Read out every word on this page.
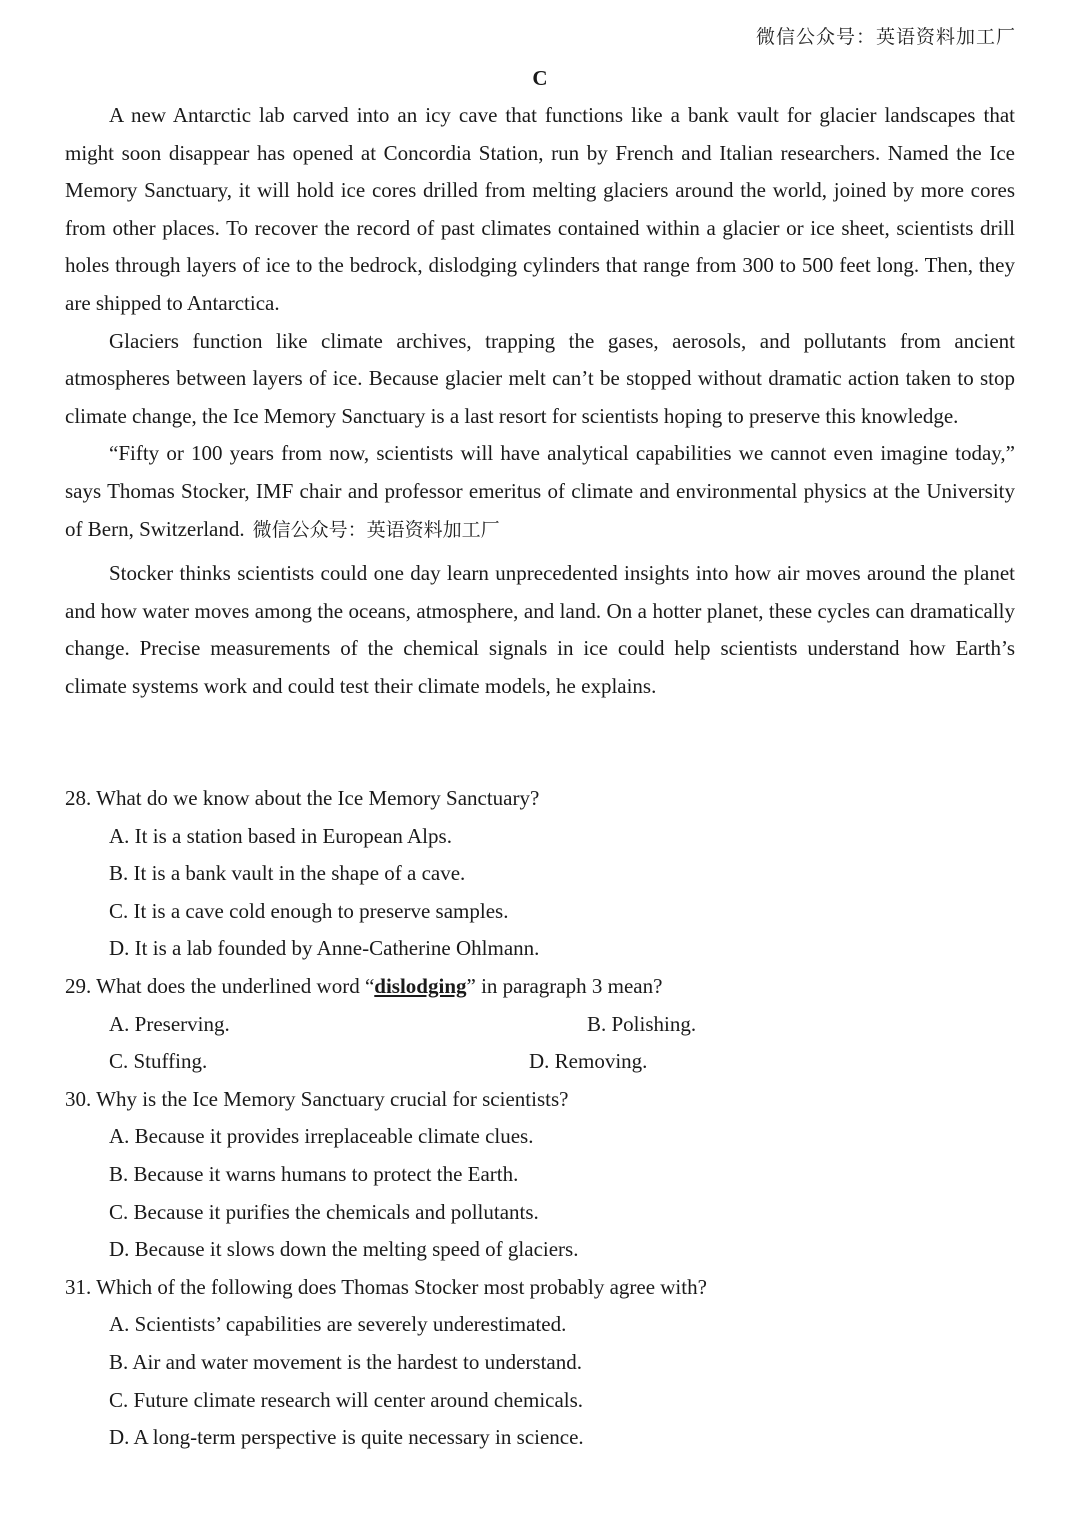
微信公众号：英语资料加工厂
C

A new Antarctic lab carved into an icy cave that functions like a bank vault for glacier landscapes that might soon disappear has opened at Concordia Station, run by French and Italian researchers. Named the Ice Memory Sanctuary, it will hold ice cores drilled from melting glaciers around the world, joined by more cores from other places. To recover the record of past climates contained within a glacier or ice sheet, scientists drill holes through layers of ice to the bedrock, dislodging cylinders that range from 300 to 500 feet long. Then, they are shipped to Antarctica.

Glaciers function like climate archives, trapping the gases, aerosols, and pollutants from ancient atmospheres between layers of ice. Because glacier melt can’t be stopped without dramatic action taken to stop climate change, the Ice Memory Sanctuary is a last resort for scientists hoping to preserve this knowledge.

“Fifty or 100 years from now, scientists will have analytical capabilities we cannot even imagine today,” says Thomas Stocker, IMF chair and professor emeritus of climate and environmental physics at the University of Bern, Switzerland. 微信公众号：英语资料加工厂

Stocker thinks scientists could one day learn unprecedented insights into how air moves around the planet and how water moves among the oceans, atmosphere, and land. On a hotter planet, these cycles can dramatically change. Precise measurements of the chemical signals in ice could help scientists understand how Earth’s climate systems work and could test their climate models, he explains.

28. What do we know about the Ice Memory Sanctuary?

A. It is a station based in European Alps.

B. It is a bank vault in the shape of a cave.

C. It is a cave cold enough to preserve samples.

D. It is a lab founded by Anne-Catherine Ohlmann.

29. What does the underlined word “dislodging” in paragraph 3 mean?

A. Preserving.	B. Polishing.
C. Stuffing.	D. Removing.

30. Why is the Ice Memory Sanctuary crucial for scientists?

A. Because it provides irreplaceable climate clues.

B. Because it warns humans to protect the Earth.

C. Because it purifies the chemicals and pollutants.

D. Because it slows down the melting speed of glaciers.

31. Which of the following does Thomas Stocker most probably agree with?

A. Scientists’ capabilities are severely underestimated.

B. Air and water movement is the hardest to understand.

C. Future climate research will center around chemicals.

D. A long-term perspective is quite necessary in science.
